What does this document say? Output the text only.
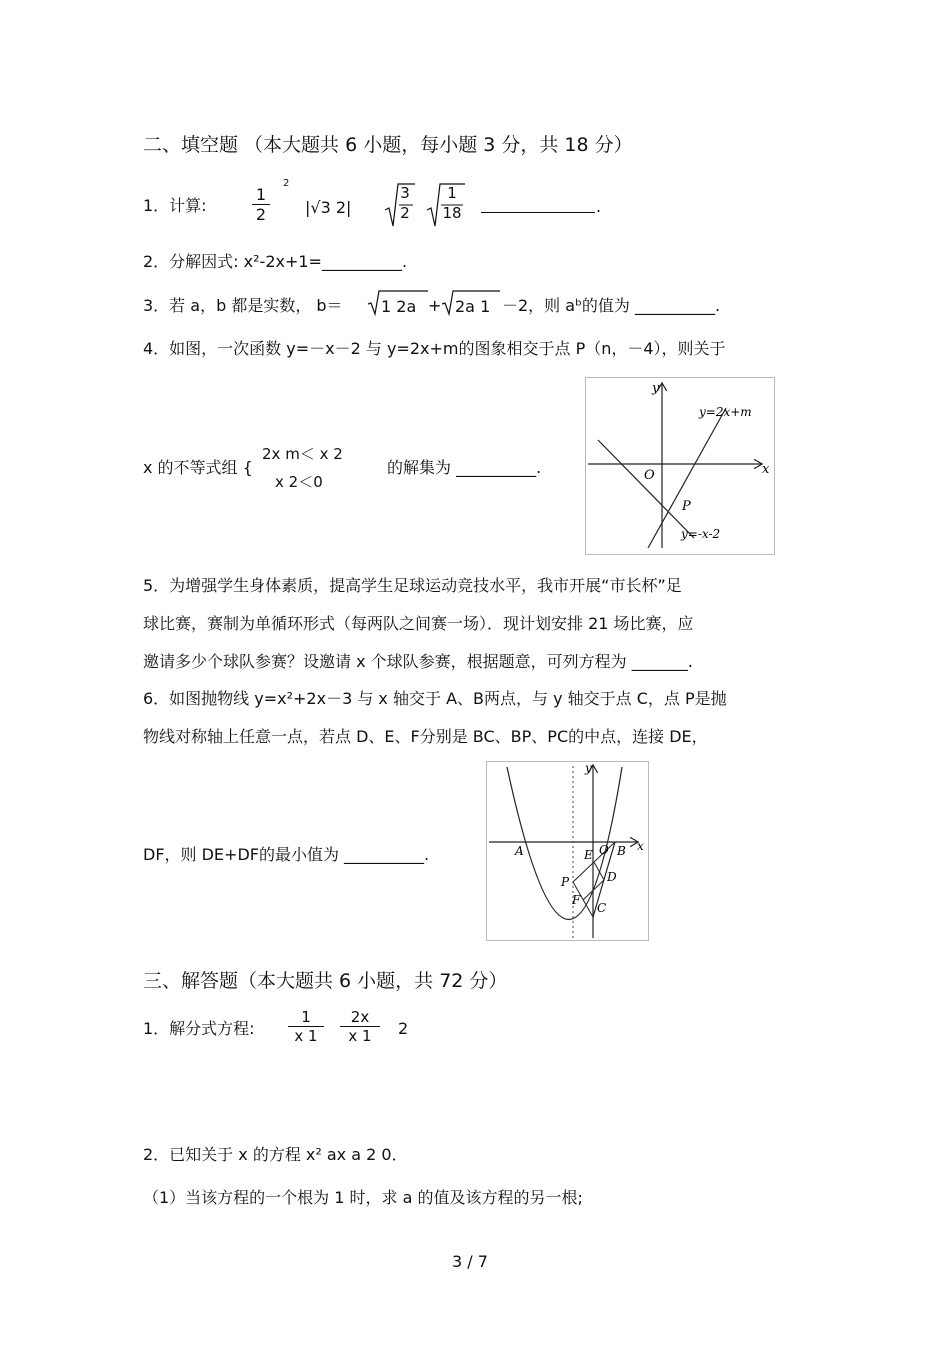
二、填空题 （本大题共 6 小题，每小题 3 分，共 18 分）
1．计算:	$\frac{1}{2}$
2
|√3 2|
3
2
1
18	.
2．分解因式: x²-2x+1=__________.
3．若 a，b 都是实数， b＝ 1 2a + 2a 1 －2，则 aᵇ的值为 __________.
4．如图，一次函数 y=－x－2 与 y=2x+m的图象相交于点 P（n，－4），则关于
x 的不等式组 {
2x m＜ x 2
x 2＜0
的解集为 __________.
y
x
O
P
y=2x+m
y=-x-2
5．为增强学生身体素质，提高学生足球运动竞技水平，我市开展“市长杯”足
球比赛，赛制为单循环形式（每两队之间赛一场）．现计划安排 21 场比赛，应
邀请多少个球队参赛？设邀请 x 个球队参赛，根据题意，可列方程为 _______.
6．如图抛物线 y=x²+2x－3 与 x 轴交于 A、B两点，与 y 轴交于点 C，点 P是抛
物线对称轴上任意一点，若点 D、E、F分别是 BC、BP、PC的中点，连接 DE，
DF，则 DE+DF的最小值为 __________.
y
x
O
A	B
C
D
E
F
P
三、解答题（本大题共 6 小题，共 72 分）
1．解分式方程: $\frac{1}{x 1} \frac{2x}{x 1} 2$
2．已知关于 x 的方程 x² ax a 2 0．
（1）当该方程的一个根为 1 时，求 a 的值及该方程的另一根;
3 / 7
